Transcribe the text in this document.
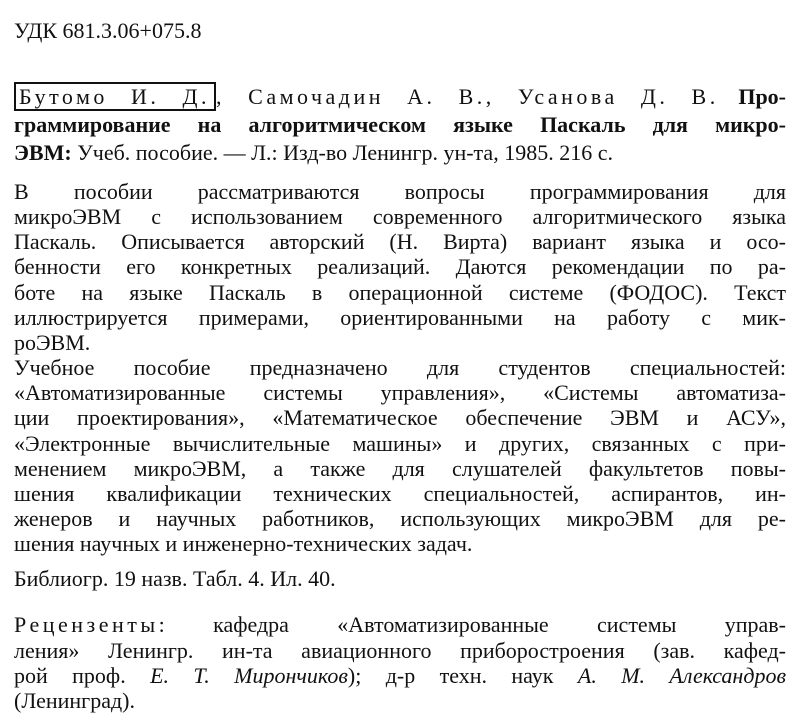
УДК 681.3.06+075.8
Бутомо И. Д. , Самочадин А. В., Усанова Д. В. Про-
граммирование на алгоритмическом языке Паскаль для микро-
ЭВМ: Учеб. пособие. — Л.: Изд-во Ленингр. ун-та, 1985. 216 с.
В пособии рассматриваются вопросы программирования для
микроЭВМ с использованием современного алгоритмического языка
Паскаль. Описывается авторский (Н. Вирта) вариант языка и осо-
бенности его конкретных реализаций. Даются рекомендации по ра-
боте на языке Паскаль в операционной системе (ФОДОС). Текст
иллюстрируется примерами, ориентированными на работу с мик-
роЭВМ.
Учебное пособие предназначено для студентов специальностей:
«Автоматизированные системы управления», «Системы автоматиза-
ции проектирования», «Математическое обеспечение ЭВМ и АСУ»,
«Электронные вычислительные машины» и других, связанных с при-
менением микроЭВМ, а также для слушателей факультетов повы-
шения квалификации технических специальностей, аспирантов, ин-
женеров и научных работников, использующих микроЭВМ для ре-
шения научных и инженерно-технических задач.
Библиогр. 19 назв. Табл. 4. Ил. 40.
Рецензенты: кафедра «Автоматизированные системы управ-
ления» Ленингр. ин-та авиационного приборостроения (зав. кафед-
рой проф. Е. Т. Мирончиков); д-р техн. наук А. М. Александров
(Ленинград).
